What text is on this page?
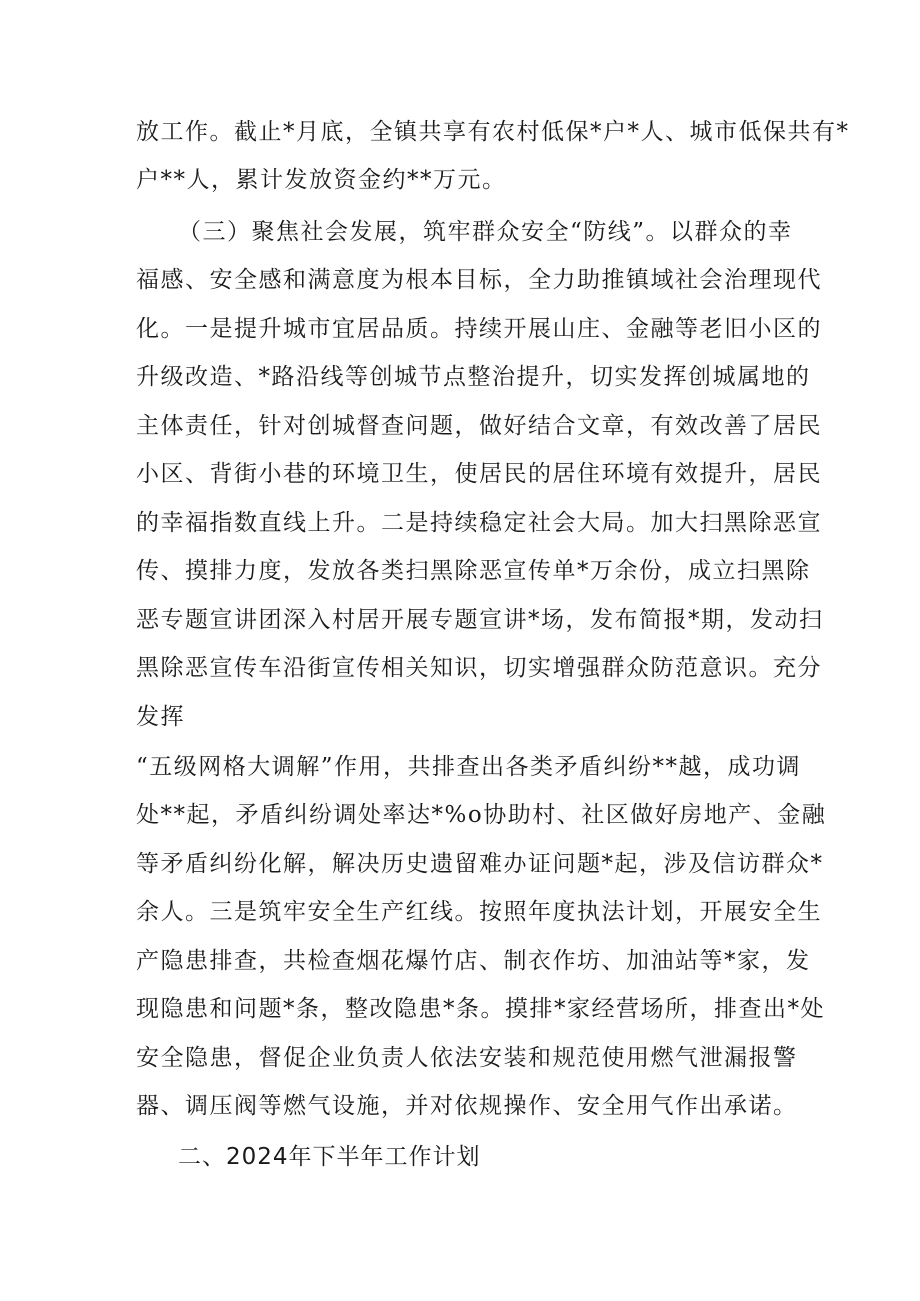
放工作。截止*月底，全镇共享有农村低保*户*人、城市低保共有*
户**人，累计发放资金约**万元。
（三）聚焦社会发展，筑牢群众安全“防线”。以群众的幸
福感、安全感和满意度为根本目标，全力助推镇域社会治理现代
化。一是提升城市宜居品质。持续开展山庄、金融等老旧小区的
升级改造、*路沿线等创城节点整治提升，切实发挥创城属地的
主体责任，针对创城督查问题，做好结合文章，有效改善了居民
小区、背街小巷的环境卫生，使居民的居住环境有效提升，居民
的幸福指数直线上升。二是持续稳定社会大局。加大扫黑除恶宣
传、摸排力度，发放各类扫黑除恶宣传单*万余份，成立扫黑除
恶专题宣讲团深入村居开展专题宣讲*场，发布简报*期，发动扫
黑除恶宣传车沿街宣传相关知识，切实增强群众防范意识。充分
发挥
“五级网格大调解”作用，共排查出各类矛盾纠纷**越，成功调
处**起，矛盾纠纷调处率达*%o协助村、社区做好房地产、金融
等矛盾纠纷化解，解决历史遗留难办证问题*起，涉及信访群众*
余人。三是筑牢安全生产红线。按照年度执法计划，开展安全生
产隐患排查，共检查烟花爆竹店、制衣作坊、加油站等*家，发
现隐患和问题*条，整改隐患*条。摸排*家经营场所，排查出*处
安全隐患，督促企业负责人依法安装和规范使用燃气泄漏报警
器、调压阀等燃气设施，并对依规操作、安全用气作出承诺。
二、2024年下半年工作计划
